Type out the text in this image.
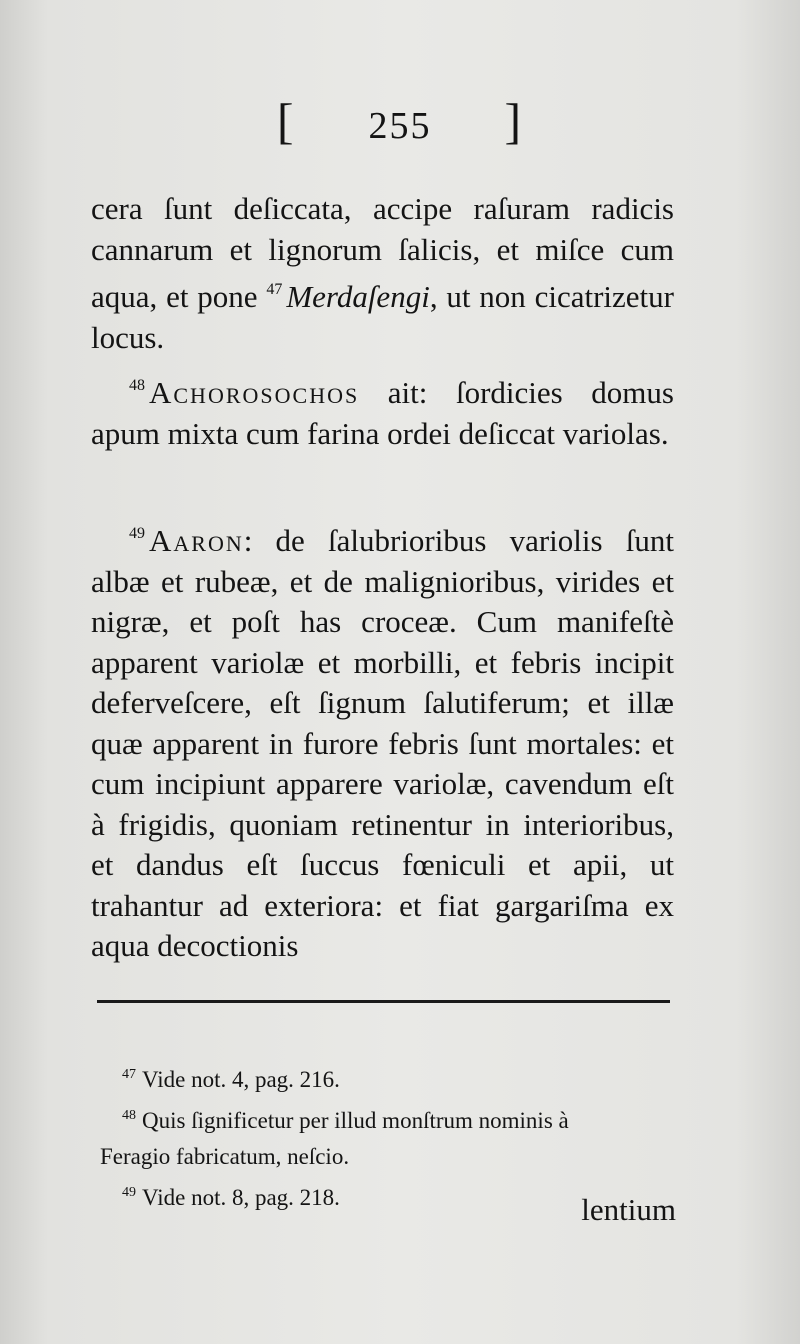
[ 255 ]
cera ſunt deſiccata, accipe raſuram radicis cannarum et lignorum ſalicis, et miſce cum aqua, et pone $^{47}$ Merdaſengi, ut non cicatrizetur locus.
$^{48}$ Achorosochos ait: ſordicies domus apum mixta cum farina ordei deſiccat variolas.
$^{49}$ Aaron: de ſalubrioribus variolis ſunt albæ et rubeæ, et de malignioribus, virides et nigræ, et poſt has croceæ. Cum manifeſtè apparent variolæ et morbilli, et febris incipit deferveſcere, eſt ſignum ſalutiferum; et illæ quæ apparent in furore febris ſunt mortales: et cum incipiunt apparere variolæ, cavendum eſt à frigidis, quoniam retinentur in interioribus, et dandus eſt ſuccus fœniculi et apii, ut trahantur ad exteriora: et fiat gargariſma ex aqua decoctionis
$^{47}$ Vide not. 4, pag. 216.
$^{48}$ Quis ſignificetur per illud monſtrum nominis à
Feragio fabricatum, neſcio.
$^{49}$ Vide not. 8, pag. 218.	lentium
